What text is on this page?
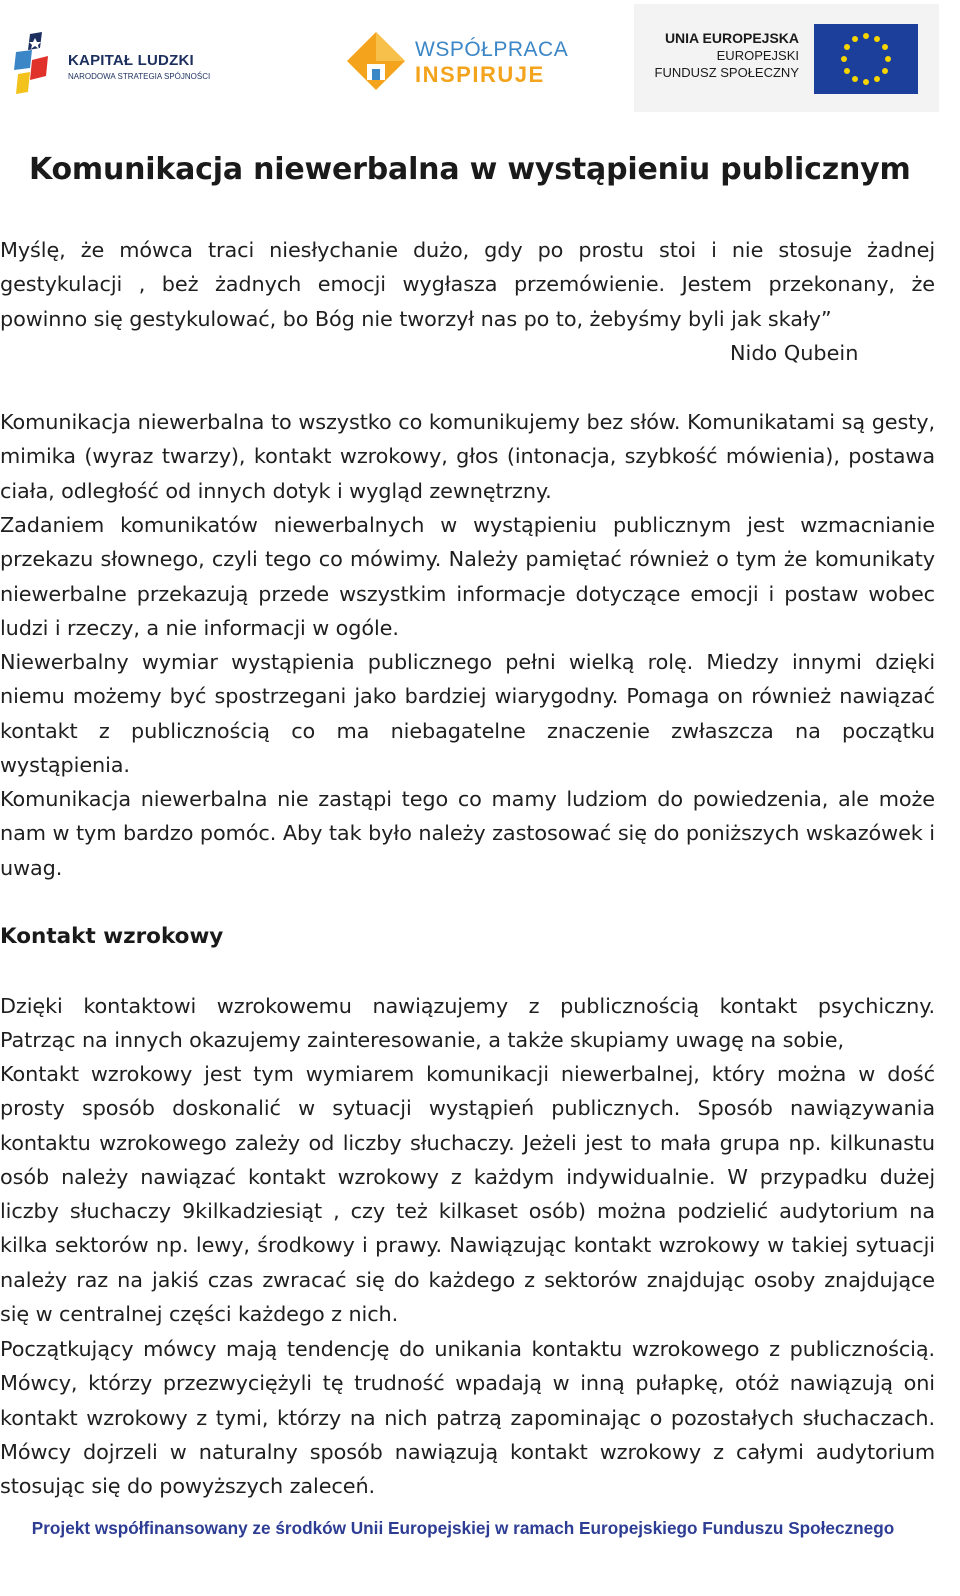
KAPITAŁ LUDZKI
NARODOWA STRATEGIA SPÓJNOŚCI
WSPÓŁPRACA
INSPIRUJE
UNIA EUROPEJSKA
EUROPEJSKI
FUNDUSZ SPOŁECZNY
Komunikacja niewerbalna w wystąpieniu publicznym

Myślę, że mówca traci niesłychanie dużo, gdy po prostu stoi i nie stosuje żadnej gestykulacji , beż żadnych emocji wygłasza przemówienie. Jestem przekonany, że powinno się gestykulować, bo Bóg nie tworzył nas po to, żebyśmy byli jak skały”

Nido Qubein

Komunikacja niewerbalna to wszystko co komunikujemy bez słów. Komunikatami są gesty, mimika (wyraz twarzy), kontakt wzrokowy, głos (intonacja, szybkość mówienia), postawa ciała, odległość od innych dotyk i wygląd zewnętrzny.

Zadaniem komunikatów niewerbalnych w wystąpieniu publicznym jest wzmacnianie przekazu słownego, czyli tego co mówimy. Należy pamiętać również o tym że komunikaty niewerbalne przekazują przede wszystkim informacje dotyczące emocji i postaw wobec ludzi i rzeczy, a nie informacji w ogóle.

Niewerbalny wymiar wystąpienia publicznego pełni wielką rolę. Miedzy innymi dzięki niemu możemy być spostrzegani jako bardziej wiarygodny. Pomaga on również nawiązać kontakt z publicznością co ma niebagatelne znaczenie zwłaszcza na początku wystąpienia.

Komunikacja niewerbalna nie zastąpi tego co mamy ludziom do powiedzenia, ale może nam w tym bardzo pomóc. Aby tak było należy zastosować się do poniższych wskazówek i uwag.

Kontakt wzrokowy

Dzięki kontaktowi wzrokowemu nawiązujemy z publicznością kontakt psychiczny.

Patrząc na innych okazujemy zainteresowanie, a także skupiamy uwagę na sobie,

Kontakt wzrokowy jest tym wymiarem komunikacji niewerbalnej, który można w dość prosty sposób doskonalić w sytuacji wystąpień publicznych. Sposób nawiązywania kontaktu wzrokowego zależy od liczby słuchaczy. Jeżeli jest to mała grupa np. kilkunastu osób należy nawiązać kontakt wzrokowy z każdym indywidualnie. W przypadku dużej liczby słuchaczy 9kilkadziesiąt , czy też kilkaset osób) można podzielić audytorium na kilka sektorów np. lewy, środkowy i prawy. Nawiązując kontakt wzrokowy w takiej sytuacji należy raz na jakiś czas zwracać się do każdego z sektorów znajdując osoby znajdujące się w centralnej części każdego z nich.

Początkujący mówcy mają tendencję do unikania kontaktu wzrokowego z publicznością. Mówcy, którzy przezwyciężyli tę trudność wpadają w inną pułapkę, otóż nawiązują oni kontakt wzrokowy z tymi, którzy na nich patrzą zapominając o pozostałych słuchaczach. Mówcy dojrzeli w naturalny sposób nawiązują kontakt wzrokowy z całymi audytorium stosując się do powyższych zaleceń.

Projekt współfinansowany ze środków Unii Europejskiej w ramach Europejskiego Funduszu Społecznego
